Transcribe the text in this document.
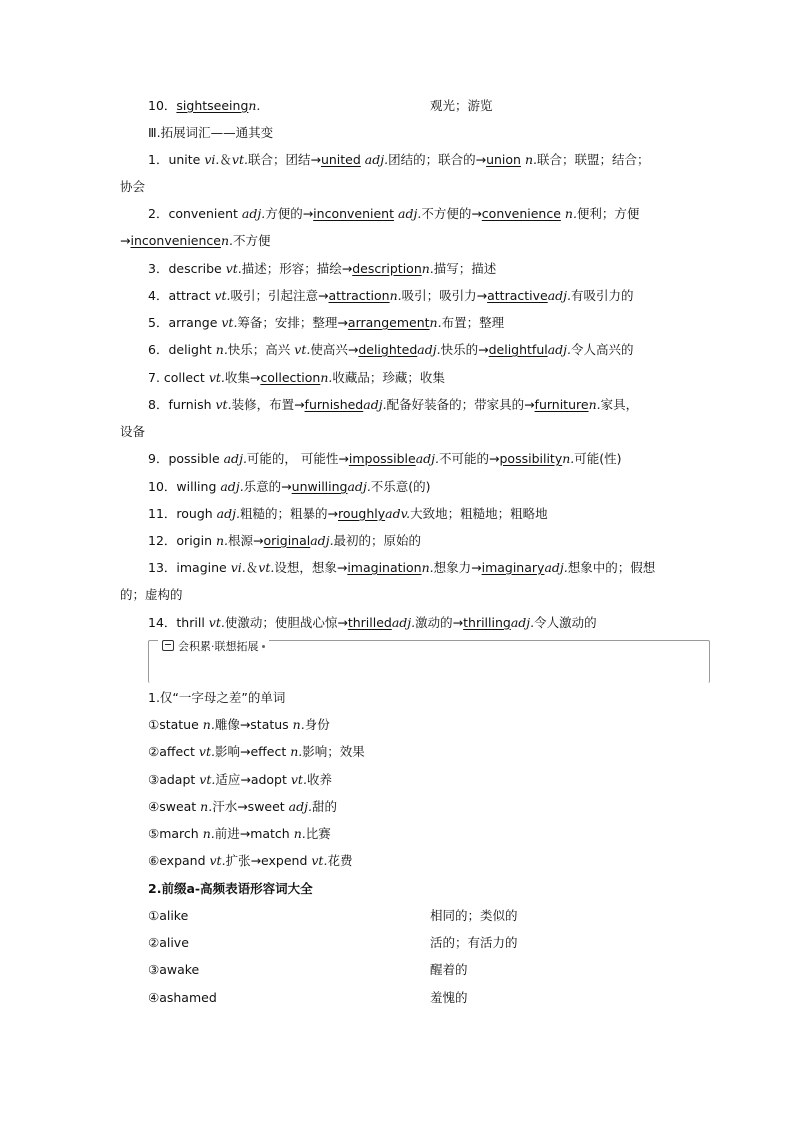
10．sightseeingn.	观光；游览
Ⅲ.拓展词汇——通其变
1．unite vi.＆vt.联合；团结→united adj.团结的；联合的→union n.联合；联盟；结合；
协会
2．convenient adj.方便的→inconvenient adj.不方便的→convenience n.便利；方便
→inconveniencen.不方便
3．describe vt.描述；形容；描绘→descriptionn.描写；描述
4．attract vt.吸引；引起注意→attractionn.吸引；吸引力→attractiveadj.有吸引力的
5．arrange vt.筹备；安排；整理→arrangementn.布置；整理
6．delight n.快乐；高兴 vt.使高兴→delightedadj.快乐的→delightfuladj.令人高兴的
7. collect vt.收集→collectionn.收藏品；珍藏；收集
8．furnish vt.装修，布置→furnishedadj.配备好装备的；带家具的→furnituren.家具，
设备
9．possible adj.可能的， 可能性→impossibleadj.不可能的→possibilityn.可能(性)
10．willing adj.乐意的→unwillingadj.不乐意(的)
11．rough adj.粗糙的；粗暴的→roughlyadv.大致地；粗糙地；粗略地
12．origin n.根源→originaladj.最初的；原始的
13．imagine vi.＆vt.设想，想象→imaginationn.想象力→imaginaryadj.想象中的；假想
的；虚构的
14．thrill vt.使激动；使胆战心惊→thrilledadj.激动的→thrillingadj.令人激动的
会积累·联想拓展
1.仅“一字母之差”的单词
①statue n.雕像→status n.身份
②affect vt.影响→effect n.影响；效果
③adapt vt.适应→adopt vt.收养
④sweat n.汗水→sweet adj.甜的
⑤march n.前进→match n.比赛
⑥expand vt.扩张→expend vt.花费
2.前缀a-高频表语形容词大全
①alike	相同的；类似的
②alive	活的；有活力的
③awake	醒着的
④ashamed	羞愧的
